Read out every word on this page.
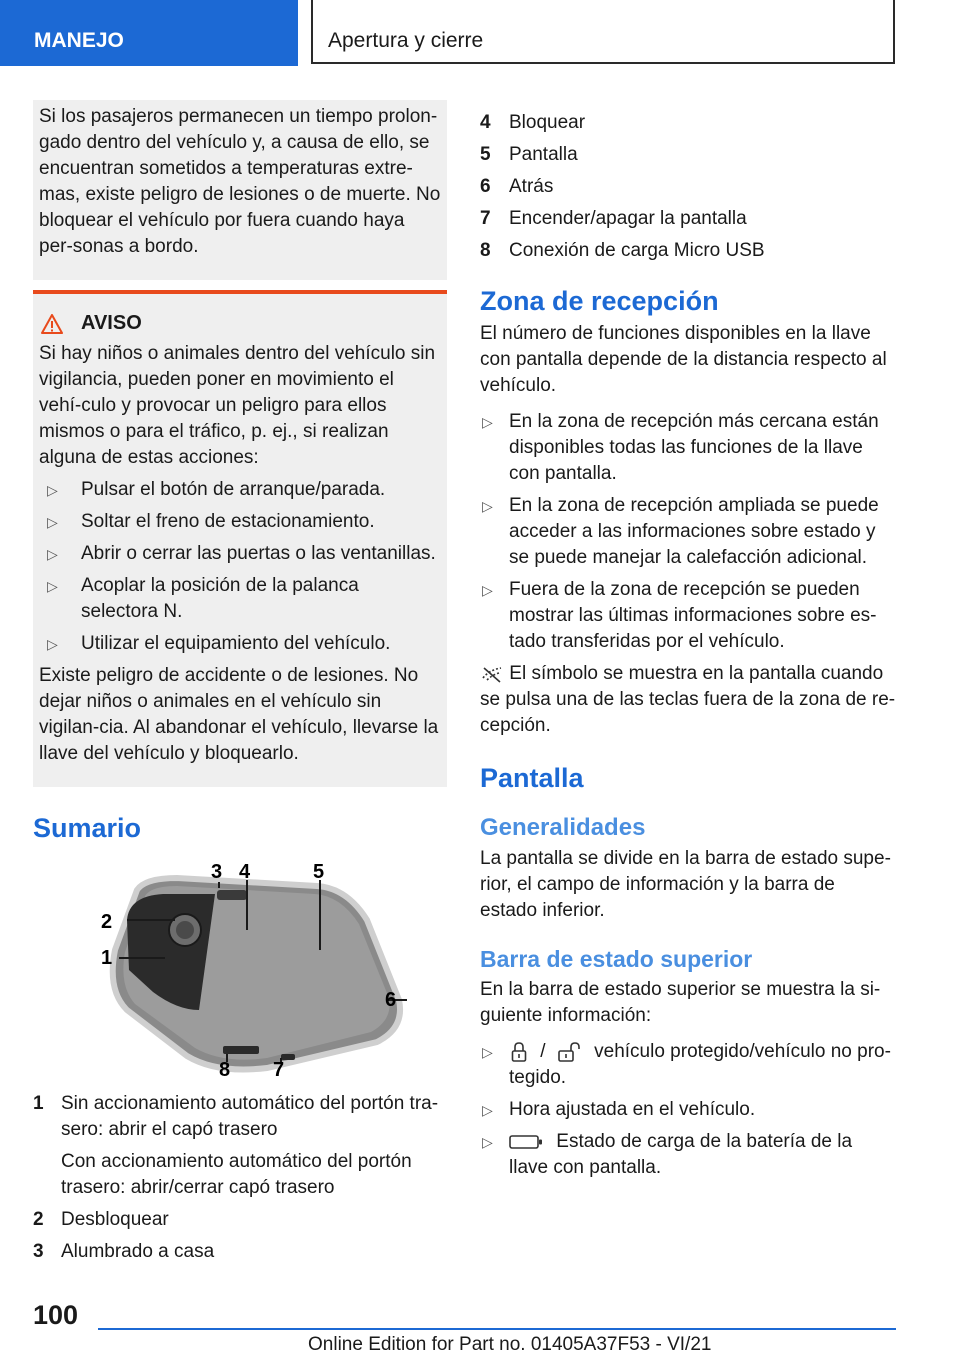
MANEJO	Apertura y cierre

Si los pasajeros permanecen un tiempo prolon-gado dentro del vehículo y, a causa de ello, se encuentran sometidos a temperaturas extre-mas, existe peligro de lesiones o de muerte. No bloquear el vehículo por fuera cuando haya per-sonas a bordo.

AVISO

Si hay niños o animales dentro del vehículo sin vigilancia, pueden poner en movimiento el vehí-culo y provocar un peligro para ellos mismos o para el tráfico, p. ej., si realizan alguna de estas acciones:

▷ Pulsar el botón de arranque/parada.
▷ Soltar el freno de estacionamiento.
▷ Abrir o cerrar las puertas o las ventanillas.
▷ Acoplar la posición de la palanca selectora N.
▷ Utilizar el equipamiento del vehículo.

Existe peligro de accidente o de lesiones. No dejar niños o animales en el vehículo sin vigilan-cia. Al abandonar el vehículo, llevarse la llave del vehículo y bloquearlo.

Sumario
1
2
3 4	5
6
8 7
1 Sin accionamiento automático del portón tra-sero: abrir el capó trasero
Con accionamiento automático del portón trasero: abrir/cerrar capó trasero
2 Desbloquear
3 Alumbrado a casa
4 Bloquear
5 Pantalla
6 Atrás
7 Encender/apagar la pantalla
8 Conexión de carga Micro USB
Zona de recepción

El número de funciones disponibles en la llave con pantalla depende de la distancia respecto al vehículo.

▷ En la zona de recepción más cercana están disponibles todas las funciones de la llave con pantalla.
▷ En la zona de recepción ampliada se puede acceder a las informaciones sobre estado y se puede manejar la calefacción adicional.
▷ Fuera de la zona de recepción se pueden mostrar las últimas informaciones sobre es-tado transferidas por el vehículo.

El símbolo se muestra en la pantalla cuando se pulsa una de las teclas fuera de la zona de re-cepción.

Pantalla
Generalidades

La pantalla se divide en la barra de estado supe-rior, el campo de información y la barra de estado inferior.

Barra de estado superior

En la barra de estado superior se muestra la si-guiente información:

▷	/	vehículo protegido/vehículo no pro-tegido.
▷ Hora ajustada en el vehículo.
▷	Estado de carga de la batería de la llave con pantalla.
100
Online Edition for Part no. 01405A37F53 - VI/21
